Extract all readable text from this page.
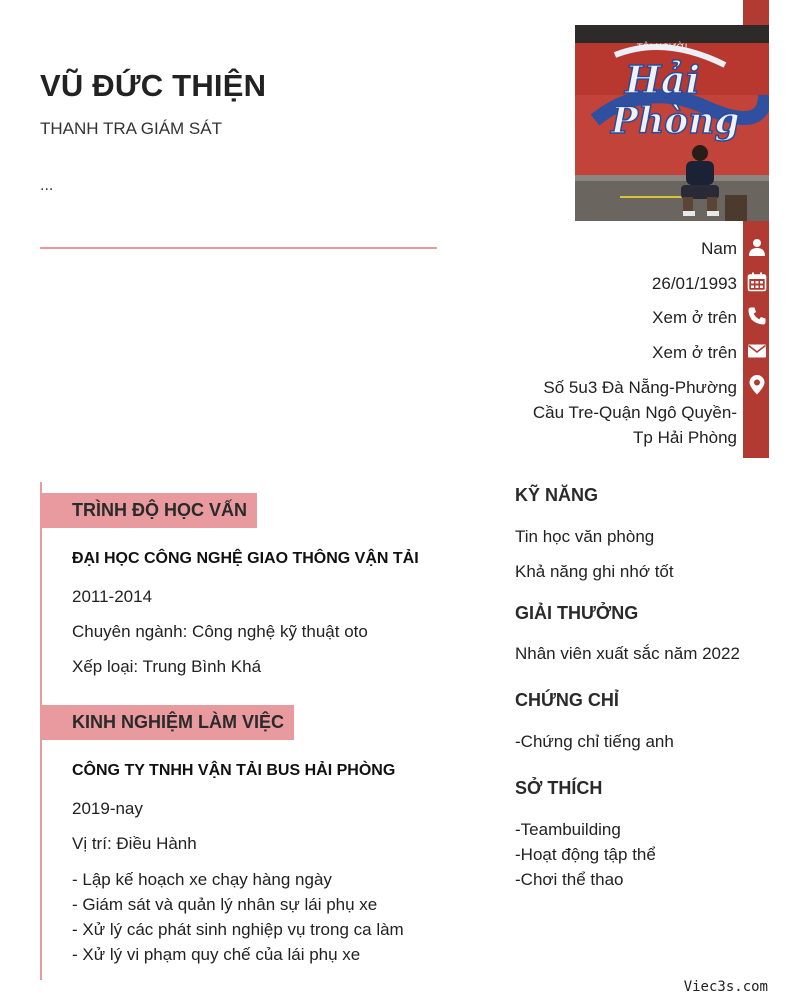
VŨ ĐỨC THIỆN
THANH TRA GIÁM SÁT
...
TÔI NGƯỜI
Hải
Phòng
Nam
26/01/1993
Xem ở trên
Xem ở trên
Số 5u3 Đà Nẵng-Phường
Cầu Tre-Quận Ngô Quyền-
Tp Hải Phòng
TRÌNH ĐỘ HỌC VẤN
ĐẠI HỌC CÔNG NGHỆ GIAO THÔNG VẬN TẢI
2011-2014
Chuyên ngành: Công nghệ kỹ thuật oto
Xếp loại: Trung Bình Khá
KINH NGHIỆM LÀM VIỆC
CÔNG TY TNHH VẬN TẢI BUS HẢI PHÒNG
2019-nay
Vị trí: Điều Hành
- Lập kế hoạch xe chạy hàng ngày
- Giám sát và quản lý nhân sự lái phụ xe
- Xử lý các phát sinh nghiệp vụ trong ca làm
- Xử lý vi phạm quy chế của lái phụ xe
KỸ NĂNG
Tin học văn phòng
Khả năng ghi nhớ tốt
GIẢI THƯỞNG
Nhân viên xuất sắc năm 2022
CHỨNG CHỈ
-Chứng chỉ tiếng anh
SỞ THÍCH
-Teambuilding
-Hoạt động tập thể
-Chơi thể thao
Viec3s.com
